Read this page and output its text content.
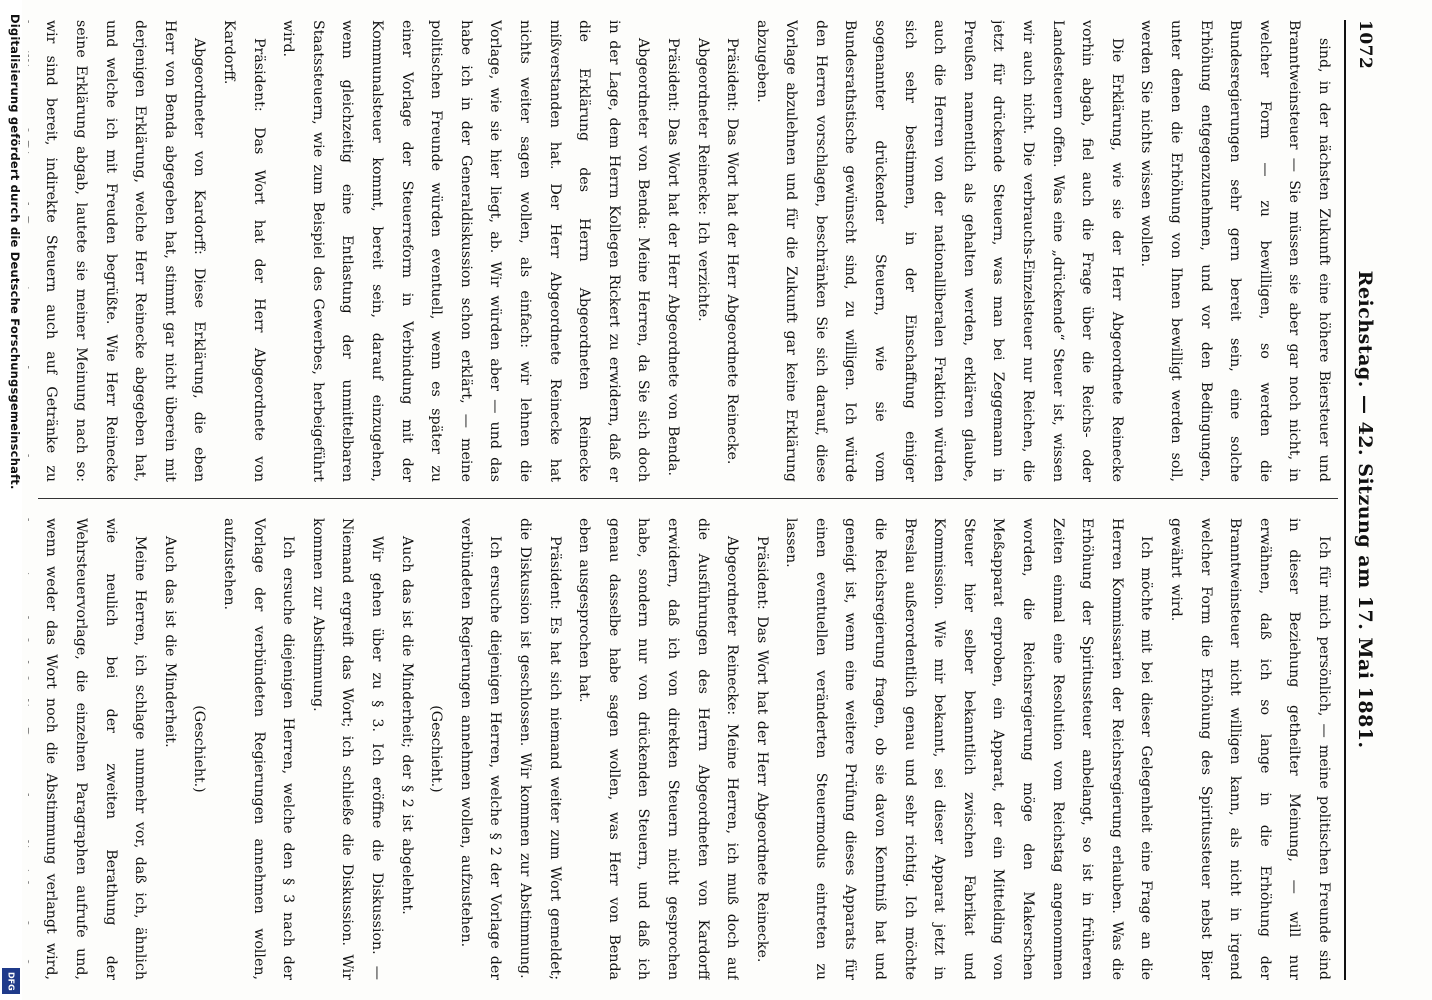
Digitalisierung gefördert durch die Deutsche Forschungsgemeinschaft.
DFG
1072
Reichstag. — 42. Sitzung am 17. Mai 1881.

sind, in der nächsten Zukunft eine höhere Biersteuer und Branntweinsteuer — Sie müssen sie aber gar noch nicht, in welcher Form — zu bewilligen, so werden die Bundesregierungen sehr gern bereit sein, eine solche Erhöhung entgegenzunehmen, und vor den Bedingungen, unter denen die Erhöhung von Ihnen bewilligt werden soll, werden Sie nichts wissen wollen.

Die Erklärung, wie sie der Herr Abgeordnete Reinecke vorhin abgab, fiel auch die Frage über die Reichs- oder Landesteuern offen. Was eine „drückende“ Steuer ist, wissen wir auch nicht. Die verbrauchs-Einzelsteuer nur Reichen, die jetzt für drückende Steuern, was man bei Zeggemann in Preußen namentlich als gehalten werden, erklären glaube, auch die Herren von der nationalliberalen Fraktion würden sich sehr bestimmen, in der Einschaffung einiger sogenannter drückender Steuern, wie sie vom Bundesrathstische gewünscht sind, zu willigen. Ich würde den Herren vorschlagen, beschränken Sie sich darauf, diese Vorlage abzulehnen und für die Zukunft gar keine Erklärung abzugeben.

Präsident: Das Wort hat der Herr Abgeordnete Reinecke.

Abgeordneter Reinecke: Ich verzichte.

Präsident: Das Wort hat der Herr Abgeordnete von Benda.

Abgeordneter von Benda: Meine Herren, da Sie sich doch in der Lage, dem Herrn Kollegen Rickert zu erwidern, daß er die Erklärung des Herrn Abgeordneten Reinecke mißverstanden hat. Der Herr Abgeordnete Reinecke hat nichts weiter sagen wollen, als einfach: wir lehnen die Vorlage, wie sie hier liegt, ab. Wir würden aber — und das habe ich in der Generaldiskussion schon erklärt, — meine politischen Freunde würden eventuell, wenn es später zu einer Vorlage der Steuerreform in Verbindung mit der Kommunalsteuer kommt, bereit sein, darauf einzugehen, wenn gleichzeitig eine Entlastung der unmittelbaren Staatssteuern, wie zum Beispiel des Gewerbes, herbeigeführt wird.

Präsident: Das Wort hat der Herr Abgeordnete von Kardorff.

Abgeordneter von Kardorff: Diese Erklärung, die eben Herr von Benda abgegeben hat, stimmt gar nicht überein mit derjenigen Erklärung, welche Herr Reinecke abgegeben hat, und welche ich mit Freuden begrüßte. Wie Herr Reinecke seine Erklärung abgab, lautete sie meiner Meinung nach so: wir sind bereit, indirekte Steuern auch auf Getränke zu

Ich für mich persönlich, — meine politischen Freunde sind in dieser Beziehung getheilter Meinung, — will nur erwähnen, daß ich so lange in die Erhöhung der Branntweinsteuer nicht willigen kann, als nicht in irgend welcher Form die Erhöhung des Spiritussteuer nebst Bier gewährt wird.

Ich möchte mit bei dieser Gelegenheit eine Frage an die Herren Kommissarien der Reichsregierung erlauben. Was die Erhöhung der Spiritussteuer anbelangt, so ist in früheren Zeiten einmal eine Resolution vom Reichstag angenommen worden, die Reichsregierung möge den Makerschen Meßapparat erproben, ein Apparat, der ein Mittelding von Steuer hier selber bekanntlich zwischen Fabrikat und Kommission. Wie mir bekannt, sei dieser Apparat jetzt in Breslau außerordentlich genau und sehr richtig. Ich möchte die Reichsregierung fragen, ob sie davon Kenntniß hat und geneigt ist, wenn eine weitere Prüfung dieses Apparats für einen eventuellen veränderten Steuermodus eintreten zu lassen.

Präsident: Das Wort hat der Herr Abgeordnete Reinecke.

Abgeordneter Reinecke: Meine Herren, ich muß doch auf die Ausführungen des Herrn Abgeordneten von Kardorff erwidern, daß ich von direkten Steuern nicht gesprochen habe, sondern nur von drückenden Steuern, und daß ich genau dasselbe habe sagen wollen, was Herr von Benda eben ausgesprochen hat.

Präsident: Es hat sich niemand weiter zum Wort gemeldet; die Diskussion ist geschlossen. Wir kommen zur Abstimmung.

Ich ersuche diejenigen Herren, welche § 2 der Vorlage der verbündeten Regierungen annehmen wollen, aufzustehen.

(Geschieht.)

Auch das ist die Minderheit; der § 2 ist abgelehnt.

Wir gehen über zu § 3. Ich eröffne die Diskussion. — Niemand ergreift das Wort; ich schließe die Diskussion. Wir kommen zur Abstimmung.

Ich ersuche diejenigen Herren, welche den § 3 nach der Vorlage der verbündeten Regierungen annehmen wollen, aufzustehen.

(Geschieht.)

Auch das ist die Minderheit.

Meine Herren, ich schlage nunmehr vor, daß ich, ähnlich wie neulich bei der zweiten Berathung der Wehrsteuervorlage, die einzelnen Paragraphen aufrufe und, wenn weder das Wort noch die Abstimmung verlangt wird,
